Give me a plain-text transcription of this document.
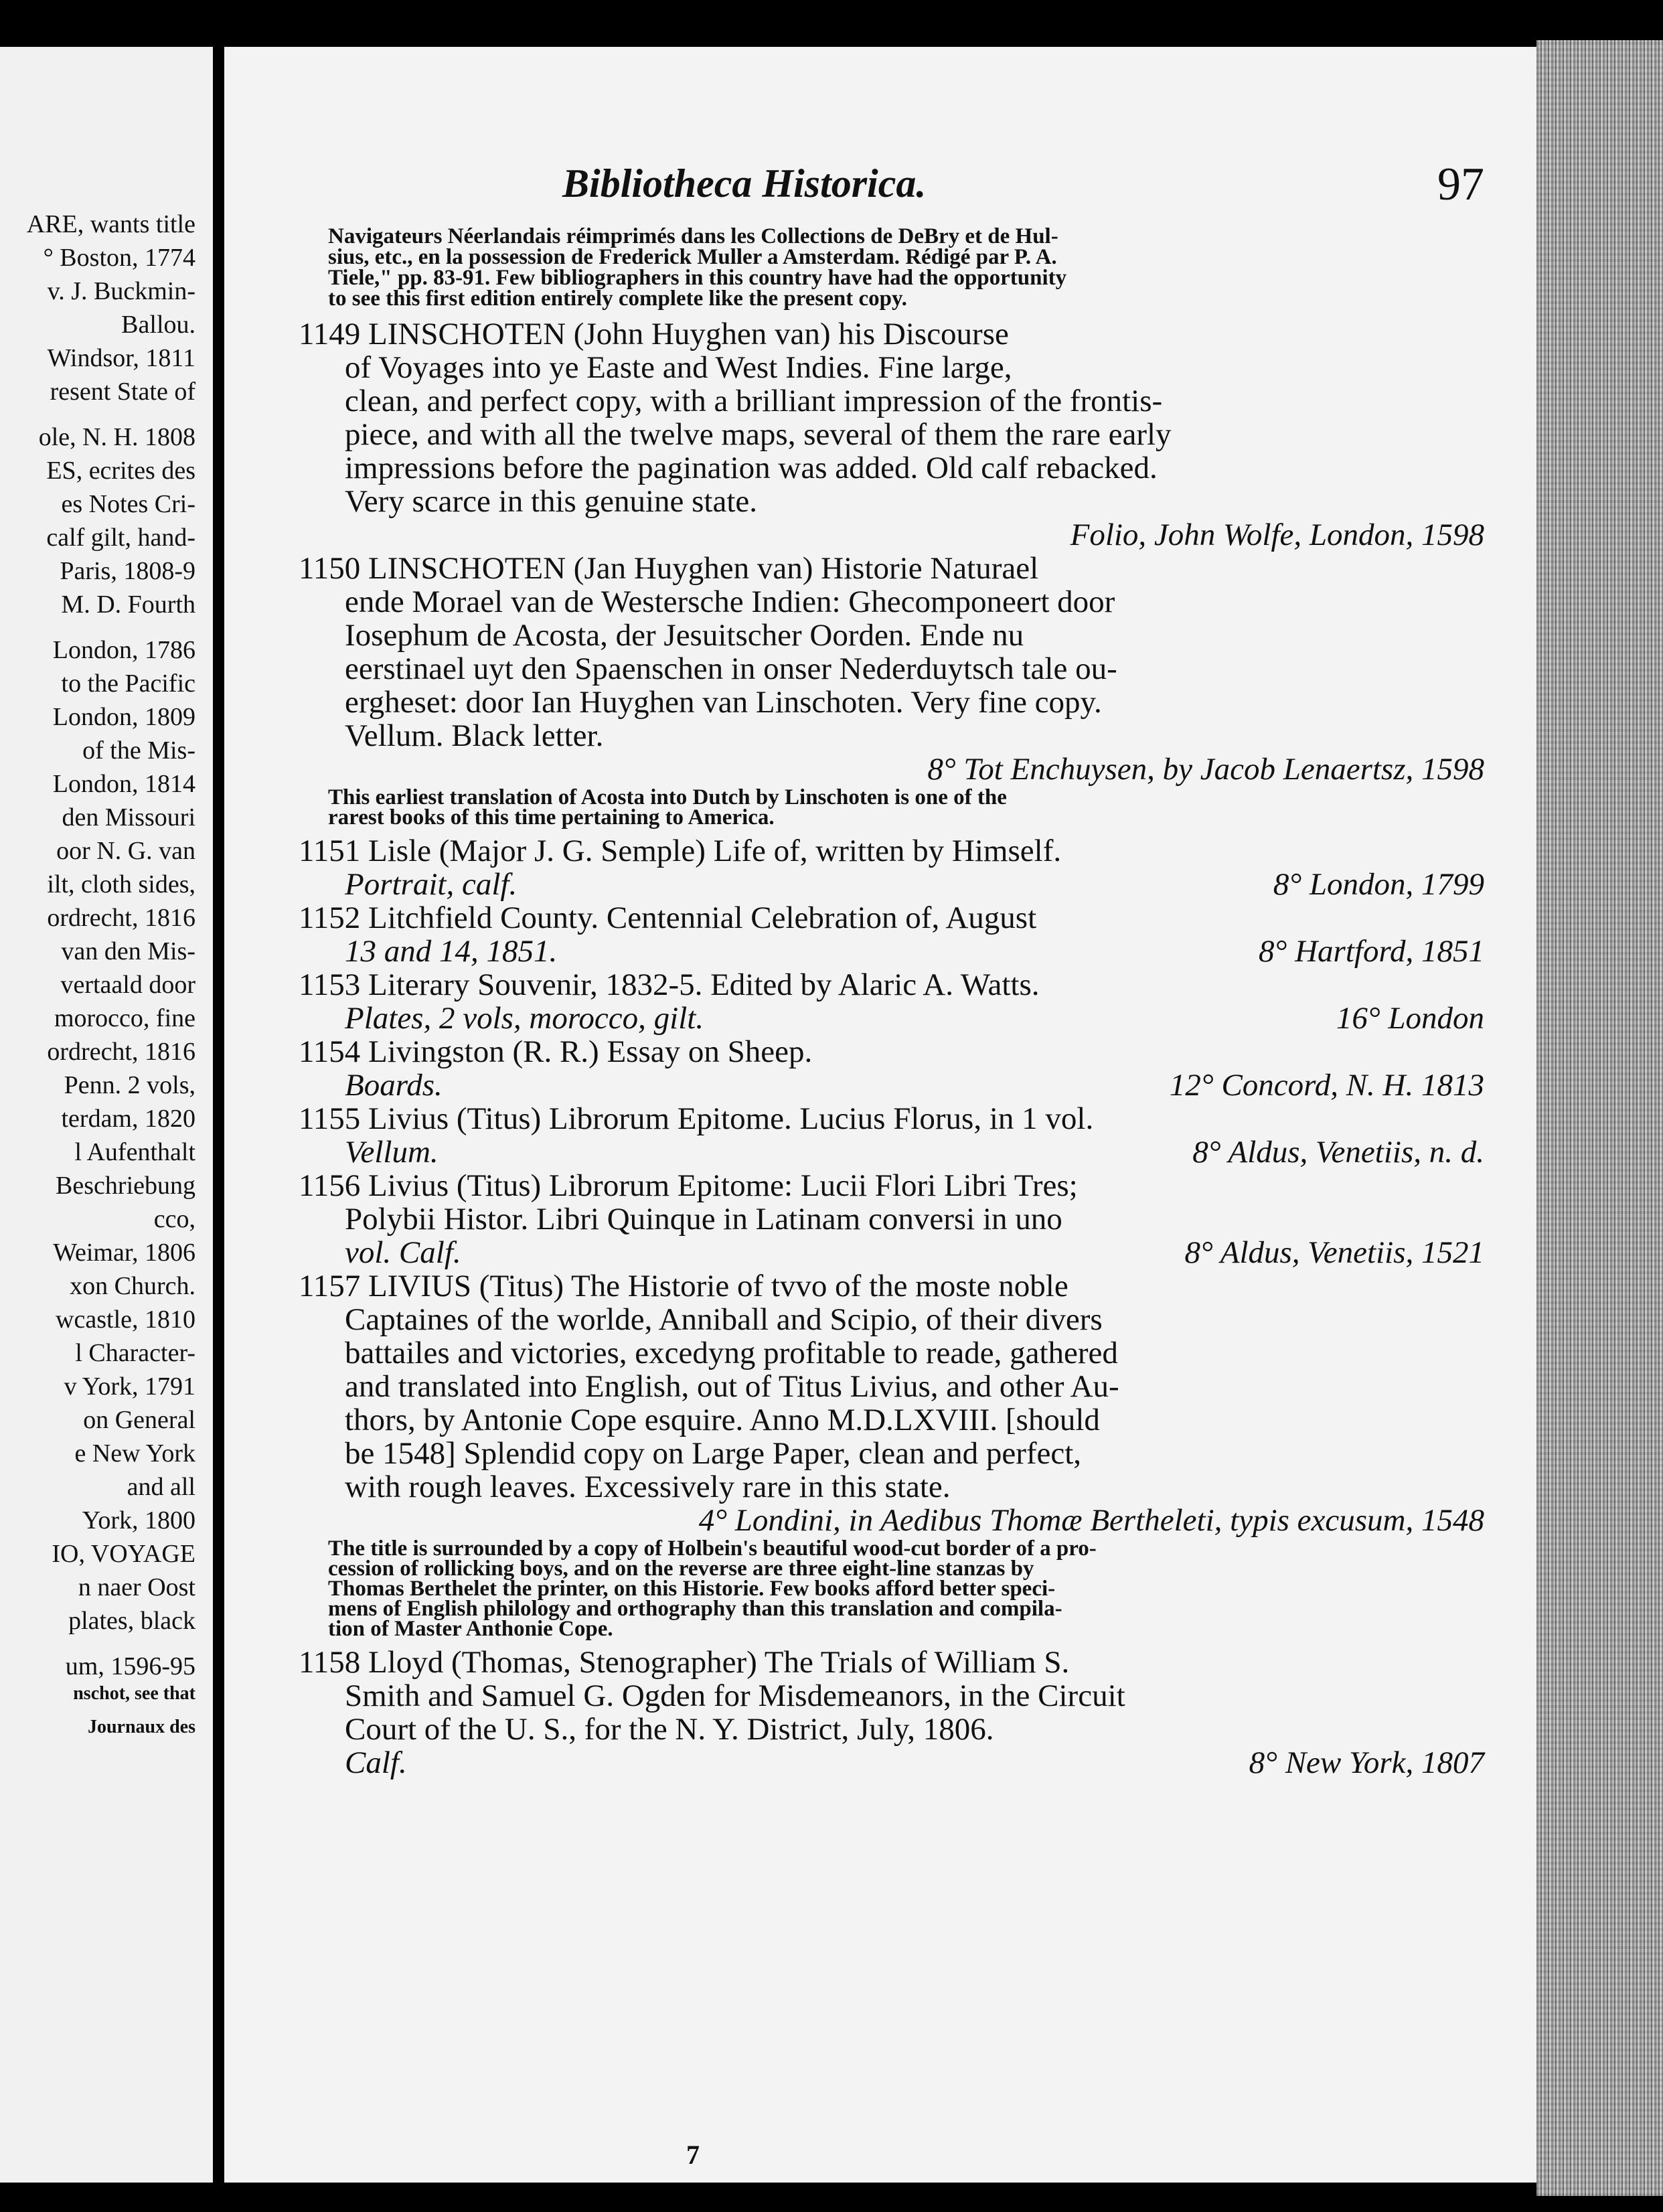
ARE, wants title
° Boston, 1774
v. J. Buckmin-
Ballou.
Windsor, 1811
resent State of
ole, N. H. 1808
ES, ecrites des
es Notes Cri-
calf gilt, hand-
Paris, 1808-9
M. D. Fourth
London, 1786
to the Pacific
London, 1809
of the Mis-
London, 1814
den Missouri
oor N. G. van
ilt, cloth sides,
ordrecht, 1816
van den Mis-
vertaald door
morocco, fine
ordrecht, 1816
Penn. 2 vols,
terdam, 1820
l Aufenthalt
Beschriebung
cco,
Weimar, 1806
xon Church.
wcastle, 1810
l Character-
v York, 1791
on General
e New York
and all
York, 1800
IO, VOYAGE
n naer Oost
plates, black
um, 1596-95
nschot, see that
Journaux des
Bibliotheca Historica.	97
Navigateurs Néerlandais réimprimés dans les Collections de DeBry et de Hul-
sius, etc., en la possession de Frederick Muller a Amsterdam. Rédigé par P. A.
Tiele," pp. 83-91. Few bibliographers in this country have had the opportunity
to see this first edition entirely complete like the present copy.
1149 LINSCHOTEN (John Huyghen van) his Discourse
of Voyages into ye Easte and West Indies. Fine large,
clean, and perfect copy, with a brilliant impression of the frontis-
piece, and with all the twelve maps, several of them the rare early
impressions before the pagination was added. Old calf rebacked.
Very scarce in this genuine state.
Folio, John Wolfe, London, 1598
1150 LINSCHOTEN (Jan Huyghen van) Historie Naturael
ende Morael van de Westersche Indien: Ghecomponeert door
Iosephum de Acosta, der Jesuitscher Oorden. Ende nu
eerstinael uyt den Spaenschen in onser Nederduytsch tale ou-
ergheset: door Ian Huyghen van Linschoten. Very fine copy.
Vellum. Black letter.
8° Tot Enchuysen, by Jacob Lenaertsz, 1598
This earliest translation of Acosta into Dutch by Linschoten is one of the
rarest books of this time pertaining to America.
1151 Lisle (Major J. G. Semple) Life of, written by Himself.
Portrait, calf.	8° London, 1799
1152 Litchfield County. Centennial Celebration of, August
13 and 14, 1851.	8° Hartford, 1851
1153 Literary Souvenir, 1832-5. Edited by Alaric A. Watts.
Plates, 2 vols, morocco, gilt.	16° London
1154 Livingston (R. R.) Essay on Sheep.
Boards.	12° Concord, N. H. 1813
1155 Livius (Titus) Librorum Epitome. Lucius Florus, in 1 vol.
Vellum.	8° Aldus, Venetiis, n. d.
1156 Livius (Titus) Librorum Epitome: Lucii Flori Libri Tres;
Polybii Histor. Libri Quinque in Latinam conversi in uno
vol. Calf.	8° Aldus, Venetiis, 1521
1157 LIVIUS (Titus) The Historie of tvvo of the moste noble
Captaines of the worlde, Anniball and Scipio, of their divers
battailes and victories, excedyng profitable to reade, gathered
and translated into English, out of Titus Livius, and other Au-
thors, by Antonie Cope esquire. Anno M.D.LXVIII. [should
be 1548] Splendid copy on Large Paper, clean and perfect,
with rough leaves. Excessively rare in this state.
4° Londini, in Aedibus Thomæ Bertheleti, typis excusum, 1548
The title is surrounded by a copy of Holbein's beautiful wood-cut border of a pro-
cession of rollicking boys, and on the reverse are three eight-line stanzas by
Thomas Berthelet the printer, on this Historie. Few books afford better speci-
mens of English philology and orthography than this translation and compila-
tion of Master Anthonie Cope.
1158 Lloyd (Thomas, Stenographer) The Trials of William S.
Smith and Samuel G. Ogden for Misdemeanors, in the Circuit
Court of the U. S., for the N. Y. District, July, 1806.
Calf.	8° New York, 1807
7
